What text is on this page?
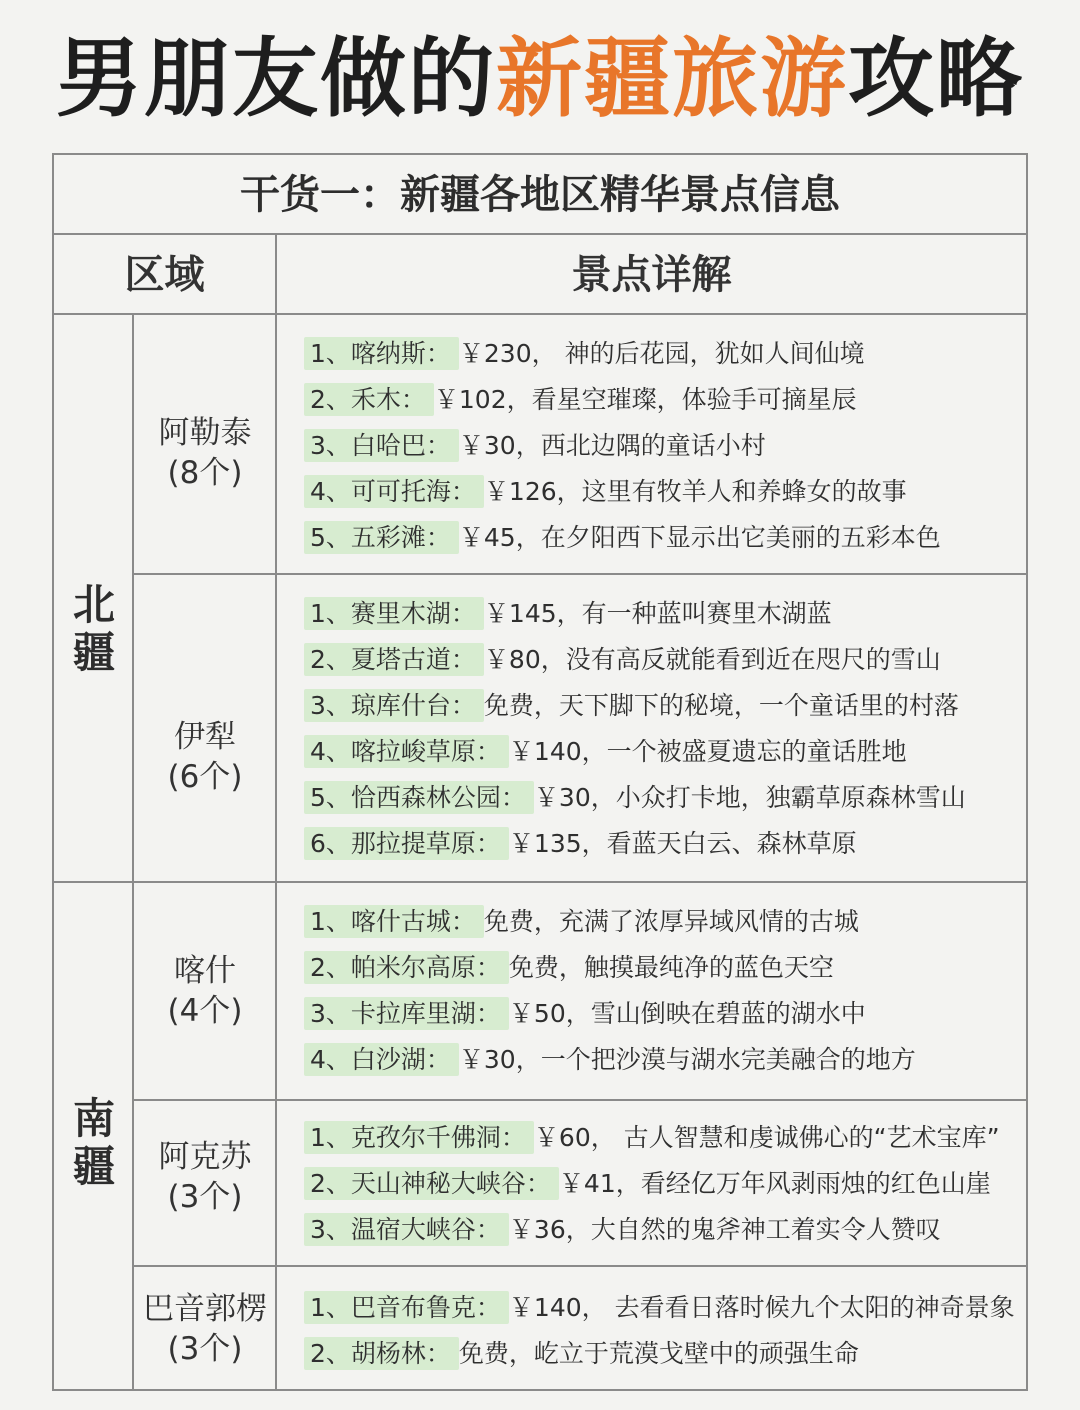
男朋友做的新疆旅游攻略
干货一：新疆各地区精华景点信息
区域	景点详解
北
疆
南
疆
阿勒泰
(8个)
1、喀纳斯： ￥230， 神的后花园，犹如人间仙境
2、禾木： ￥102，看星空璀璨，体验手可摘星辰
3、白哈巴： ￥30，西北边隅的童话小村
4、可可托海： ￥126，这里有牧羊人和养蜂女的故事
5、五彩滩： ￥45，在夕阳西下显示出它美丽的五彩本色
伊犁
(6个)
1、赛里木湖： ￥145，有一种蓝叫赛里木湖蓝
2、夏塔古道： ￥80，没有高反就能看到近在咫尺的雪山
3、琼库什台： 免费，天下脚下的秘境，一个童话里的村落
4、喀拉峻草原： ￥140，一个被盛夏遗忘的童话胜地
5、恰西森林公园： ￥30，小众打卡地，独霸草原森林雪山
6、那拉提草原： ￥135，看蓝天白云、森林草原
喀什
(4个)
1、喀什古城： 免费，充满了浓厚异域风情的古城
2、帕米尔高原： 免费，触摸最纯净的蓝色天空
3、卡拉库里湖： ￥50，雪山倒映在碧蓝的湖水中
4、白沙湖： ￥30，一个把沙漠与湖水完美融合的地方
阿克苏
(3个)
1、克孜尔千佛洞： ￥60， 古人智慧和虔诚佛心的“艺术宝库”
2、天山神秘大峡谷： ￥41，看经亿万年风剥雨烛的红色山崖
3、温宿大峡谷： ￥36，大自然的鬼斧神工着实令人赞叹
巴音郭楞
(3个)
1、巴音布鲁克： ￥140， 去看看日落时候九个太阳的神奇景象
2、胡杨林： 免费，屹立于荒漠戈壁中的顽强生命
